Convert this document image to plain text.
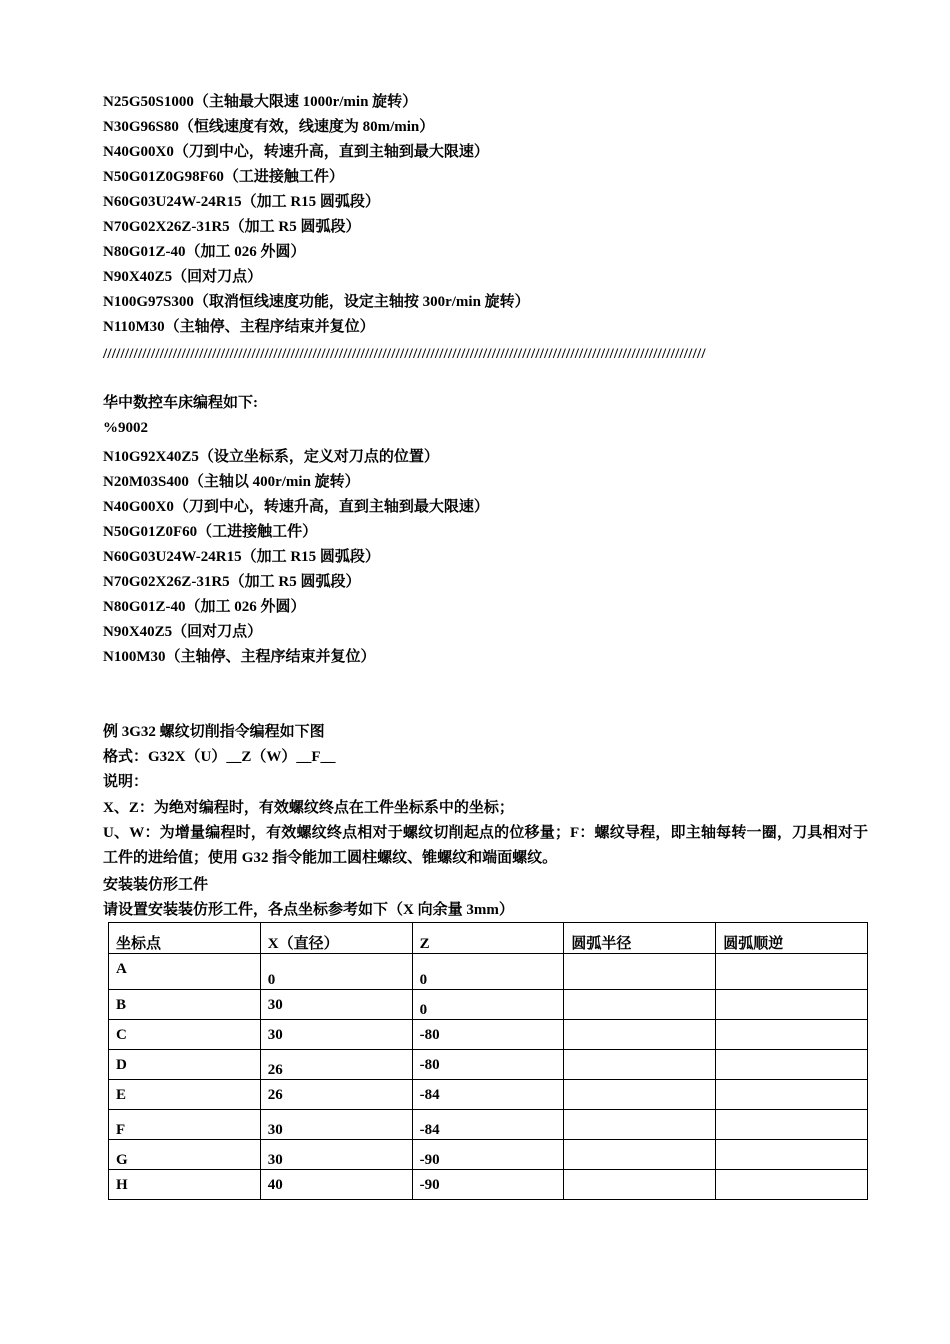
N25G50S1000（主轴最大限速 1000r/min 旋转）
N30G96S80（恒线速度有效，线速度为 80m/min）
N40G00X0（刀到中心，转速升高，直到主轴到最大限速）
N50G01Z0G98F60（工进接触工件）
N60G03U24W-24R15（加工 R15 圆弧段）
N70G02X26Z-31R5（加工 R5 圆弧段）
N80G01Z-40（加工 026 外圆）
N90X40Z5（回对刀点）
N100G97S300（取消恒线速度功能，设定主轴按 300r/min 旋转）
N110M30（主轴停、主程序结束并复位）
//////////////////////////////////////////////////////////////////////////////////////////////////////////////////////////////////////////
华中数控车床编程如下:
%9002
N10G92X40Z5（设立坐标系，定义对刀点的位置）
N20M03S400（主轴以 400r/min 旋转）
N40G00X0（刀到中心，转速升高，直到主轴到最大限速）
N50G01Z0F60（工进接触工件）
N60G03U24W-24R15（加工 R15 圆弧段）
N70G02X26Z-31R5（加工 R5 圆弧段）
N80G01Z-40（加工 026 外圆）
N90X40Z5（回对刀点）
N100M30（主轴停、主程序结束并复位）
例 3G32 螺纹切削指令编程如下图
格式：G32X（U）__Z（W）__F__
说明：
X、Z：为绝对编程时，有效螺纹终点在工件坐标系中的坐标；
U、W：为增量编程时，有效螺纹终点相对于螺纹切削起点的位移量；F：螺纹导程，即主轴每转一圈，刀具相对于工件的进给值；使用 G32 指令能加工圆柱螺纹、锥螺纹和端面螺纹。
安装装仿形工件
请设置安装装仿形工件，各点坐标参考如下（X 向余量 3mm）
坐标点	X（直径）	Z	圆弧半径	圆弧顺逆
A	0	0		
B	30	0		
C	30	-80		
D	26	-80		
E	26	-84		
F	30	-84		
G	30	-90		
H	40	-90		
